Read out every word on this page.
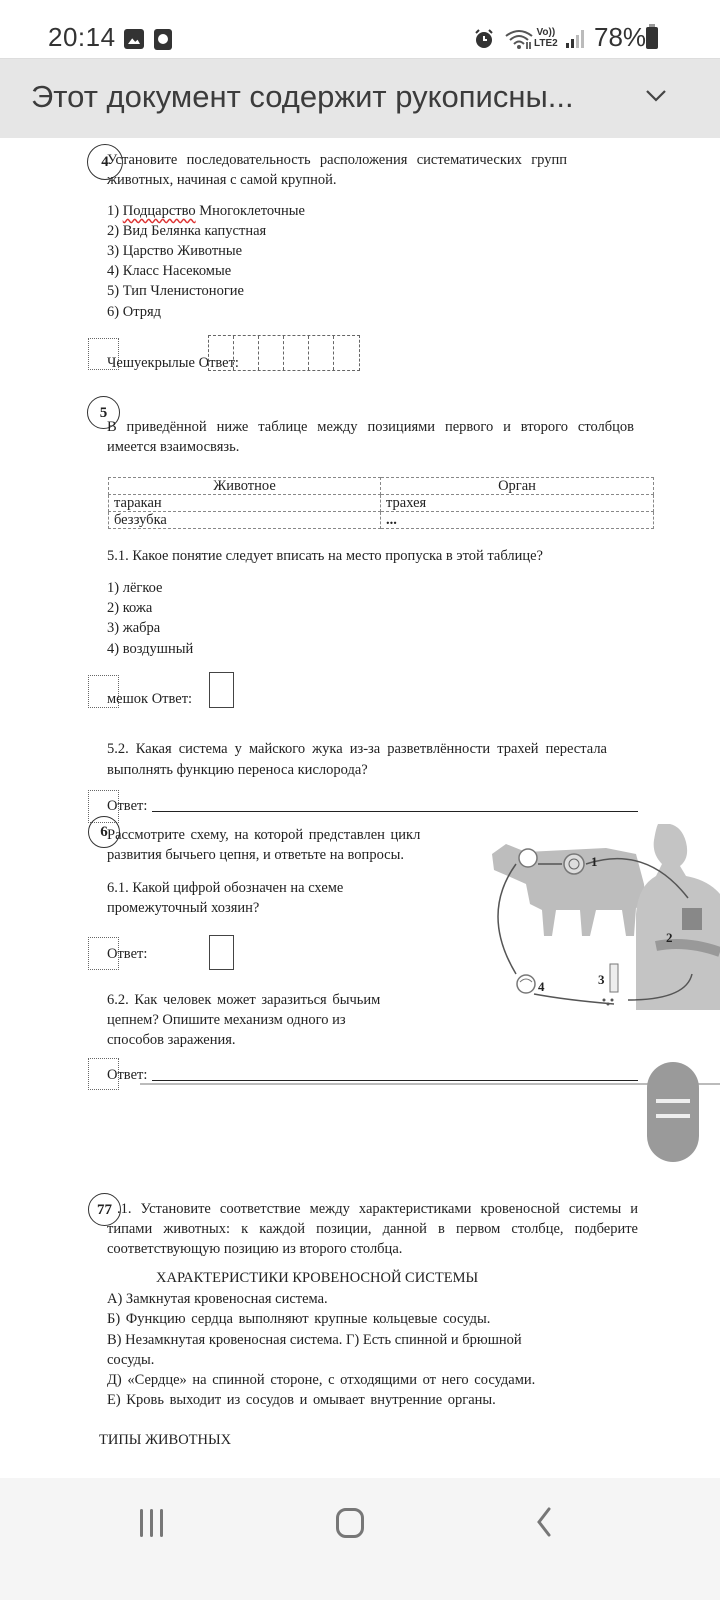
20:14	Vo))
LTE2 78%
Этот документ содержит рукописны...
4
Установите последовательность расположения систематических групп
животных, начиная с самой крупной.
1) Подцарство Многоклеточные
2) Вид Белянка капустная
3) Царство Животные
4) Класс Насекомые
5) Тип Членистоногие
6) Отряд
Чешуекрылые Ответ:
5
В приведённой ниже таблице между позициями первого и второго столбцов
имеется взаимосвязь.
Животное	Орган
таракан	трахея
беззубка	...
5.1. Какое понятие следует вписать на место пропуска в этой таблице?
1) лёгкое
2) кожа
3) жабра
4) воздушный
мешок Ответ:
5.2. Какая система у майского жука из-за разветвлённости трахей перестала
выполнять функцию переноса кислорода?
Ответ:
6 Рассмотрите схему, на которой представлен цикл
развития бычьего цепня, и ответьте на вопросы.
6.1. Какой цифрой обозначен на схеме
промежуточный хозяин?
Ответ:
6.2. Как человек может заразиться бычьим
цепнем? Опишите механизм одного из
способов заражения.
Ответ:
1
2
3
4
77 .1. Установите соответствие между характеристиками кровеносной системы и
типами животных: к каждой позиции, данной в первом столбце, подберите
соответствующую позицию из второго столбца.
ХАРАКТЕРИСТИКИ КРОВЕНОСНОЙ СИСТЕМЫ
А) Замкнутая кровеносная система.
Б) Функцию сердца выполняют крупные кольцевые сосуды.
В) Незамкнутая кровеносная система. Г) Есть спинной и брюшной
сосуды.
Д) «Сердце» на спинной стороне, с отходящими от него сосудами.
Е) Кровь выходит из сосудов и омывает внутренние органы.
ТИПЫ ЖИВОТНЫХ
